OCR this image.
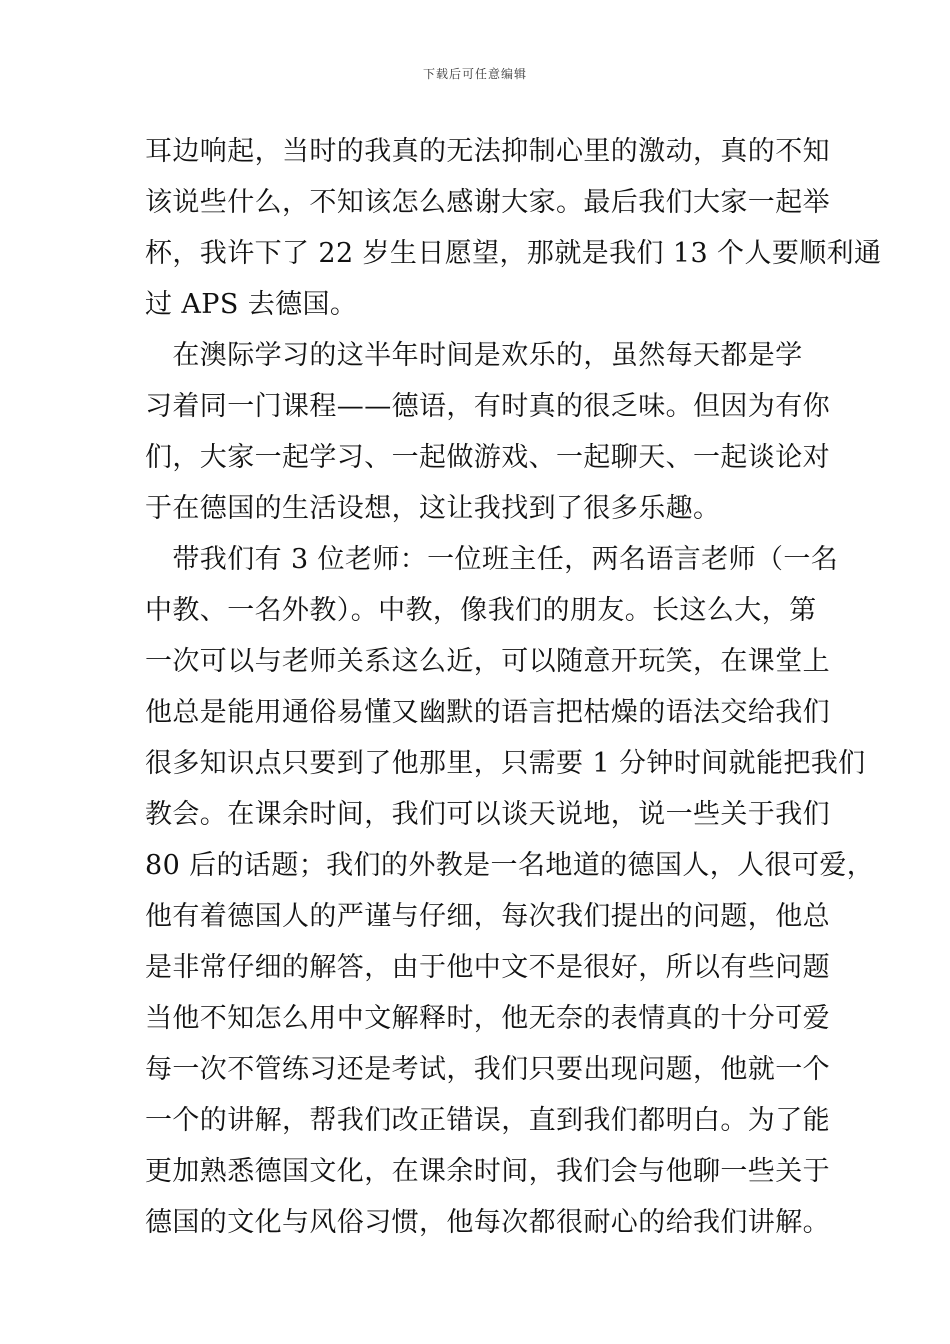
下载后可任意编辑
耳边响起，当时的我真的无法抑制心里的激动，真的不知
该说些什么，不知该怎么感谢大家。最后我们大家一起举
杯，我许下了 22 岁生日愿望，那就是我们 13 个人要顺利通
过 APS 去德国。
　在澳际学习的这半年时间是欢乐的，虽然每天都是学
习着同一门课程——德语，有时真的很乏味。但因为有你
们，大家一起学习、一起做游戏、一起聊天、一起谈论对
于在德国的生活设想，这让我找到了很多乐趣。
　带我们有 3 位老师：一位班主任，两名语言老师（一名
中教、一名外教）。中教，像我们的朋友。长这么大，第
一次可以与老师关系这么近，可以随意开玩笑，在课堂上
他总是能用通俗易懂又幽默的语言把枯燥的语法交给我们
很多知识点只要到了他那里，只需要 1 分钟时间就能把我们
教会。在课余时间，我们可以谈天说地，说一些关于我们
80 后的话题；我们的外教是一名地道的德国人，人很可爱，
他有着德国人的严谨与仔细，每次我们提出的问题，他总
是非常仔细的解答，由于他中文不是很好，所以有些问题
当他不知怎么用中文解释时，他无奈的表情真的十分可爱
每一次不管练习还是考试，我们只要出现问题，他就一个
一个的讲解，帮我们改正错误，直到我们都明白。为了能
更加熟悉德国文化，在课余时间，我们会与他聊一些关于
德国的文化与风俗习惯，他每次都很耐心的给我们讲解。
